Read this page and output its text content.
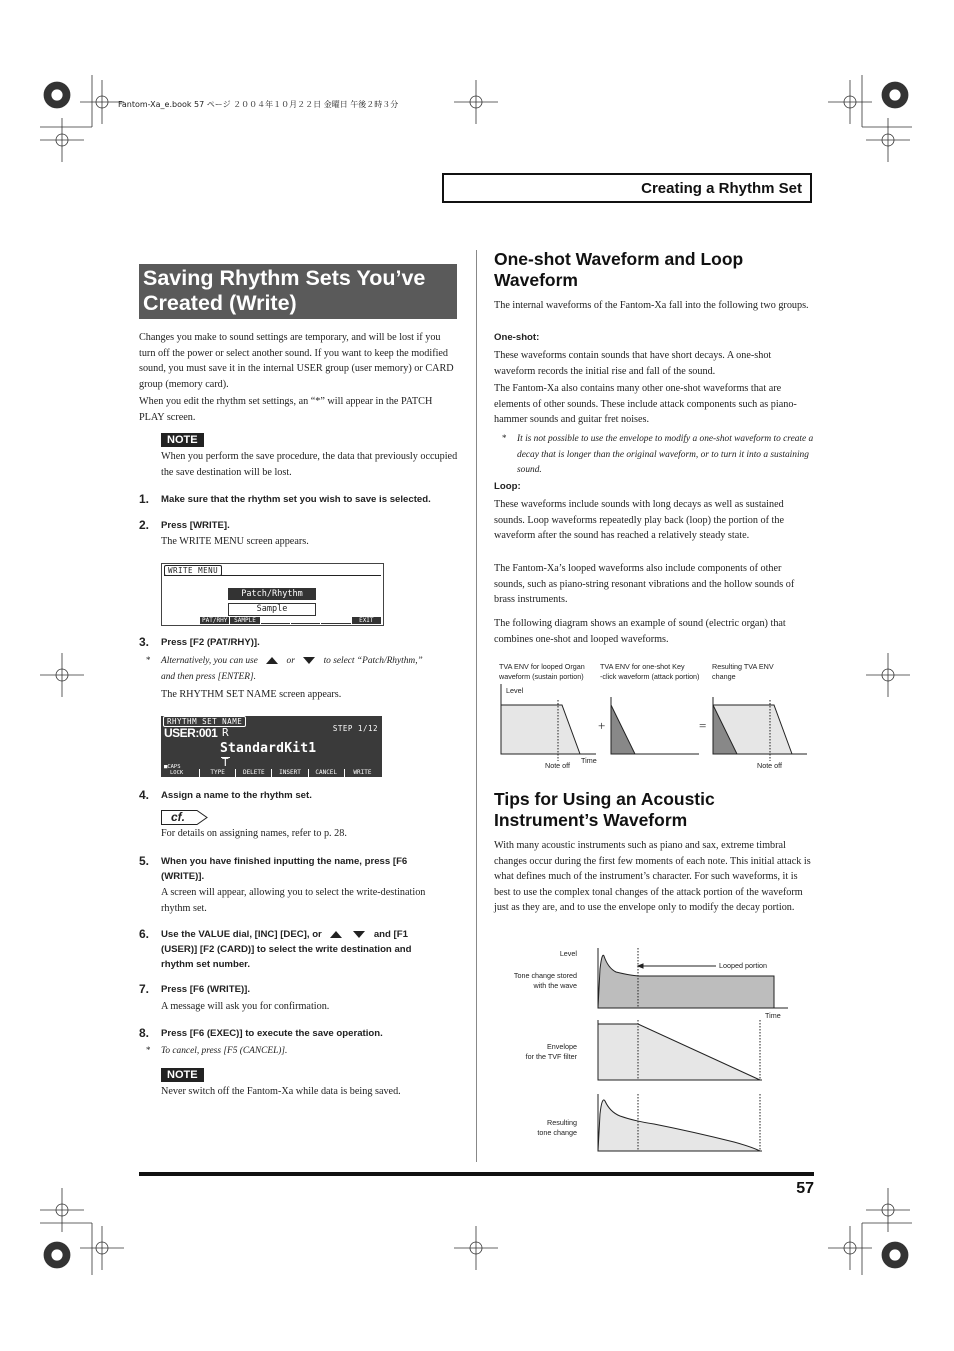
Fantom-Xa_e.book 57 ページ ２００４年１０月２２日 金曜日 午後２時３分
Creating a Rhythm Set
Saving Rhythm Sets You’ve
Created (Write)

Changes you make to sound settings are temporary, and will be lost if you turn off the power or select another sound. If you want to keep the modified sound, you must save it in the internal USER group (user memory) or CARD group (memory card).

When you edit the rhythm set settings, an “*” will appear in the PATCH PLAY screen.

NOTE

When you perform the save procedure, the data that previously occupied the save destination will be lost.

1. Make sure that the rhythm set you wish to save is selected.

2. Press [WRITE].

The WRITE MENU screen appears.

WRITE MENU
Patch/Rhythm
Sample
PAT/RHY	SAMPLE	EXIT
3. Press [F2 (PAT/RHY)].

* Alternatively, you can use	or	to select “Patch/Rhythm,”
and then press [ENTER].

The RHYTHM SET NAME screen appears.

RHYTHM SET NAME
STEP 1/12
USER:001 R
StandardKit1
T
■CAPS
LOCK	TYPE	DELETE	INSERT	CANCEL	WRITE
4. Assign a name to the rhythm set.

cf.

For details on assigning names, refer to p. 28.

5. When you have finished inputting the name, press [F6
(WRITE)].

A screen will appear, allowing you to select the write-destination rhythm set.

6. Use the VALUE dial, [INC] [DEC], or	and [F1
(USER)] [F2 (CARD)] to select the write destination and
rhythm set number.
7. Press [F6 (WRITE)].

A message will ask you for confirmation.

8. Press [F6 (EXEC)] to execute the save operation.

* To cancel, press [F5 (CANCEL)].

NOTE

Never switch off the Fantom-Xa while data is being saved.

One-shot Waveform and Loop
Waveform

The internal waveforms of the Fantom-Xa fall into the following two groups.

One-shot:

These waveforms contain sounds that have short decays. A one-shot waveform records the initial rise and fall of the sound.

The Fantom-Xa also contains many other one-shot waveforms that are elements of other sounds. These include attack components such as piano-hammer sounds and guitar fret noises.

* It is not possible to use the envelope to modify a one-shot waveform to create a decay that is longer than the original waveform, or to turn it into a sustaining sound.

Loop:

These waveforms include sounds with long decays as well as sustained sounds. Loop waveforms repeatedly play back (loop) the portion of the waveform after the sound has reached a relatively steady state.

The Fantom-Xa’s looped waveforms also include components of other sounds, such as piano-string resonant vibrations and the hollow sounds of brass instruments.

The following diagram shows an example of sound (electric organ) that combines one-shot and looped waveforms.

TVA ENV for looped Organ
waveform (sustain portion)
TVA ENV for one-shot Key
-click waveform (attack portion)
Resulting TVA ENV
change
Level
+	=
Time
Note off	Note off
Tips for Using an Acoustic
Instrument’s Waveform

With many acoustic instruments such as piano and sax, extreme timbral changes occur during the first few moments of each note. This initial attack is what defines much of the instrument’s character. For such waveforms, it is best to use the complex tonal changes of the attack portion of the waveform just as they are, and to use the envelope only to modify the decay portion.

Level
Tone change stored
with the wave
Envelope
for the TVF filter
Resulting
tone change
Looped portion
Time
57
